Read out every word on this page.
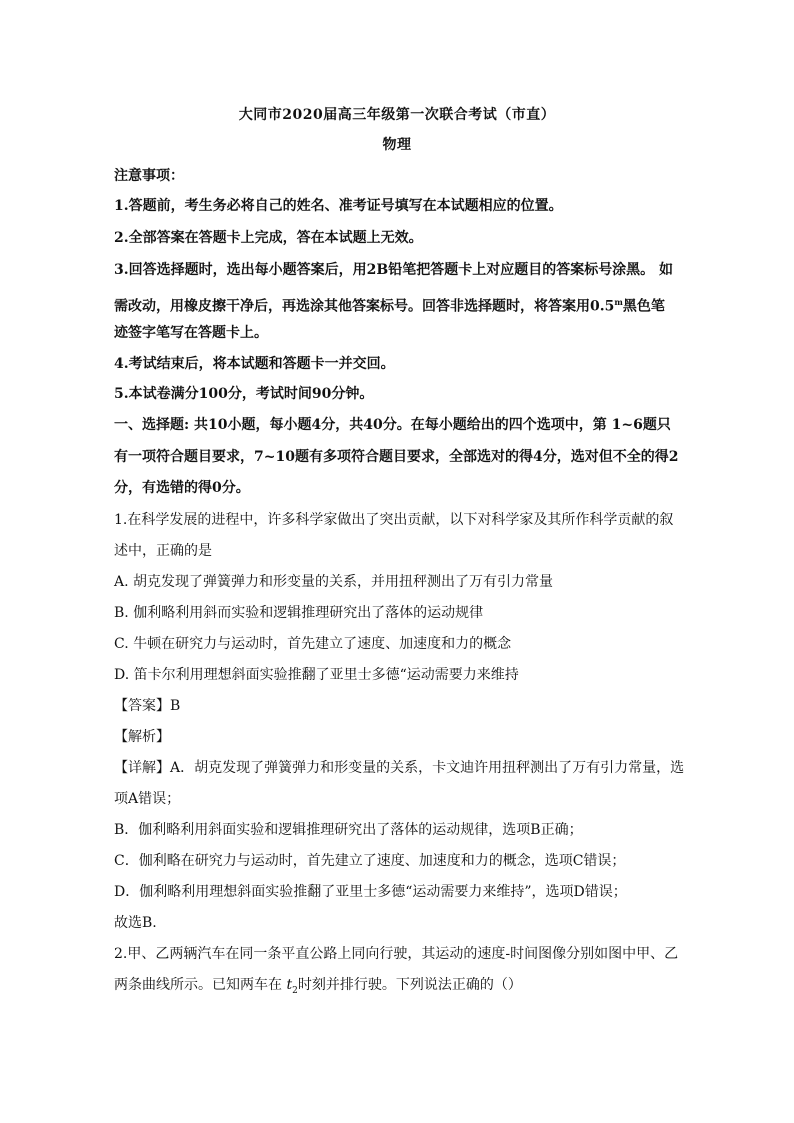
大同市2020届高三年级第一次联合考试（市直）
物理
注意事项：
1.答题前，考生务必将自己的姓名、准考证号填写在本试题相应的位置。
2.全部答案在答题卡上完成，答在本试题上无效。
3.回答选择题时，选出每小题答案后，用2B铅笔把答题卡上对应题目的答案标号涂黑。 如
需改动，用橡皮擦干净后，再选涂其他答案标号。回答非选择题时，将答案用0.5$^m$黑色笔
迹签字笔写在答题卡上。
4.考试结束后，将本试题和答题卡一并交回。
5.本试卷满分100分，考试时间90分钟。
一、选择题: 共10小题，每小题4分，共40分。在每小题给出的四个选项中，第 1~6题只
有一项符合题目要求，7~10题有多项符合题目要求，全部选对的得4分，选对但不全的得2
分，有选错的得0分。
1.在科学发展的进程中，许多科学家做出了突出贡献，以下对科学家及其所作科学贡献的叙
述中，正确的是
A. 胡克发现了弹簧弹力和形变量的关系，并用扭秤测出了万有引力常量
B. 伽利略利用斜而实验和逻辑推理研究出了落体的运动规律
C. 牛顿在研究力与运动时，首先建立了速度、加速度和力的概念
D. 笛卡尔利用理想斜面实验推翻了亚里士多德“运动需要力来维持
【答案】B
【解析】
【详解】A．胡克发现了弹簧弹力和形变量的关系，卡文迪许用扭秤测出了万有引力常量，选
项A错误；
B．伽利略利用斜面实验和逻辑推理研究出了落体的运动规律，选项B正确；
C．伽利略在研究力与运动时，首先建立了速度、加速度和力的概念，选项C错误；
D．伽利略利用理想斜面实验推翻了亚里士多德“运动需要力来维持”，选项D错误；
故选B.
2.甲、乙两辆汽车在同一条平直公路上同向行驶，其运动的速度-时间图像分别如图中甲、乙
两条曲线所示。已知两车在 $t_2$时刻并排行驶。下列说法正确的（）
